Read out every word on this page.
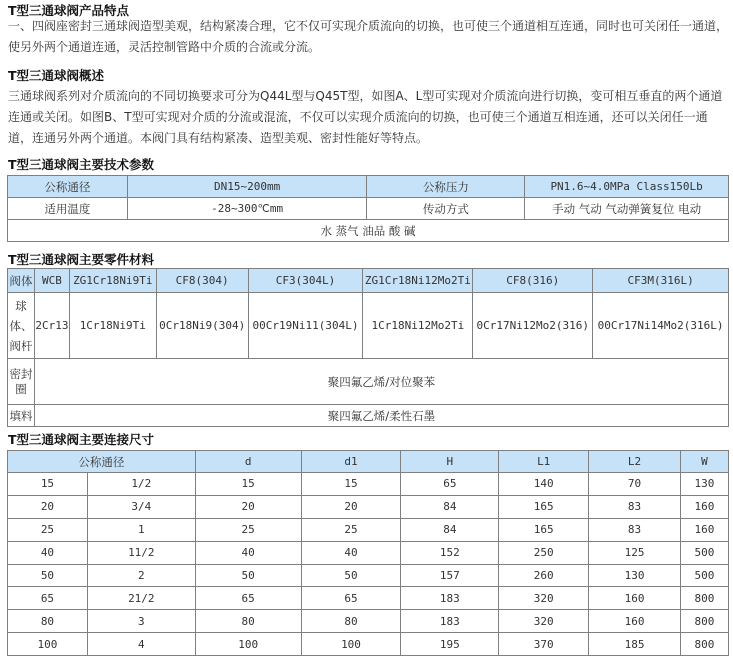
T型三通球阀产品特点
一、四阀座密封三通球阀造型美观，结构紧凑合理，它不仅可实现介质流向的切换，也可使三个通道相互连通，同时也可关闭任一通道，使另外两个通道连通，灵活控制管路中介质的合流或分流。
T型三通球阀概述
三通球阀系列对介质流向的不同切换要求可分为Q44L型与Q45T型，如图A、L型可实现对介质流向进行切换，变可相互垂直的两个通道连通或关闭。如图B、T型可实现对介质的分流或混流，不仅可以实现介质流向的切换，也可使三个通道互相连通，还可以关闭任一通道，连通另外两个通道。本阀门具有结构紧凑、造型美观、密封性能好等特点。
T型三通球阀主要技术参数
公称通径	DN15~200mm	公称压力	PN1.6~4.0MPa Class150Lb
适用温度	-28~300℃mm	传动方式	手动 气动 气动弹簧复位 电动
水 蒸气 油品 酸 碱			
T型三通球阀主要零件材料
阀体	WCB	ZG1Cr18Ni9Ti	CF8(304)	CF3(304L)	ZG1Cr18Ni12Mo2Ti	CF8(316)	CF3M(316L)
球体、阀杆	2Cr13	1Cr18Ni9Ti	0Cr18Ni9(304)	00Cr19Ni11(304L)	1Cr18Ni12Mo2Ti	0Cr17Ni12Mo2(316)	00Cr17Ni14Mo2(316L)
密封圈	聚四氟乙烯/对位聚苯						
填料	聚四氟乙烯/柔性石墨						
T型三通球阀主要连接尺寸
公称通径		d	d1	H	L1	L2	W
15	1/2	15	15	65	140	70	130
20	3/4	20	20	84	165	83	160
25	1	25	25	84	165	83	160
40	11/2	40	40	152	250	125	500
50	2	50	50	157	260	130	500
65	21/2	65	65	183	320	160	800
80	3	80	80	183	320	160	800
100	4	100	100	195	370	185	800
